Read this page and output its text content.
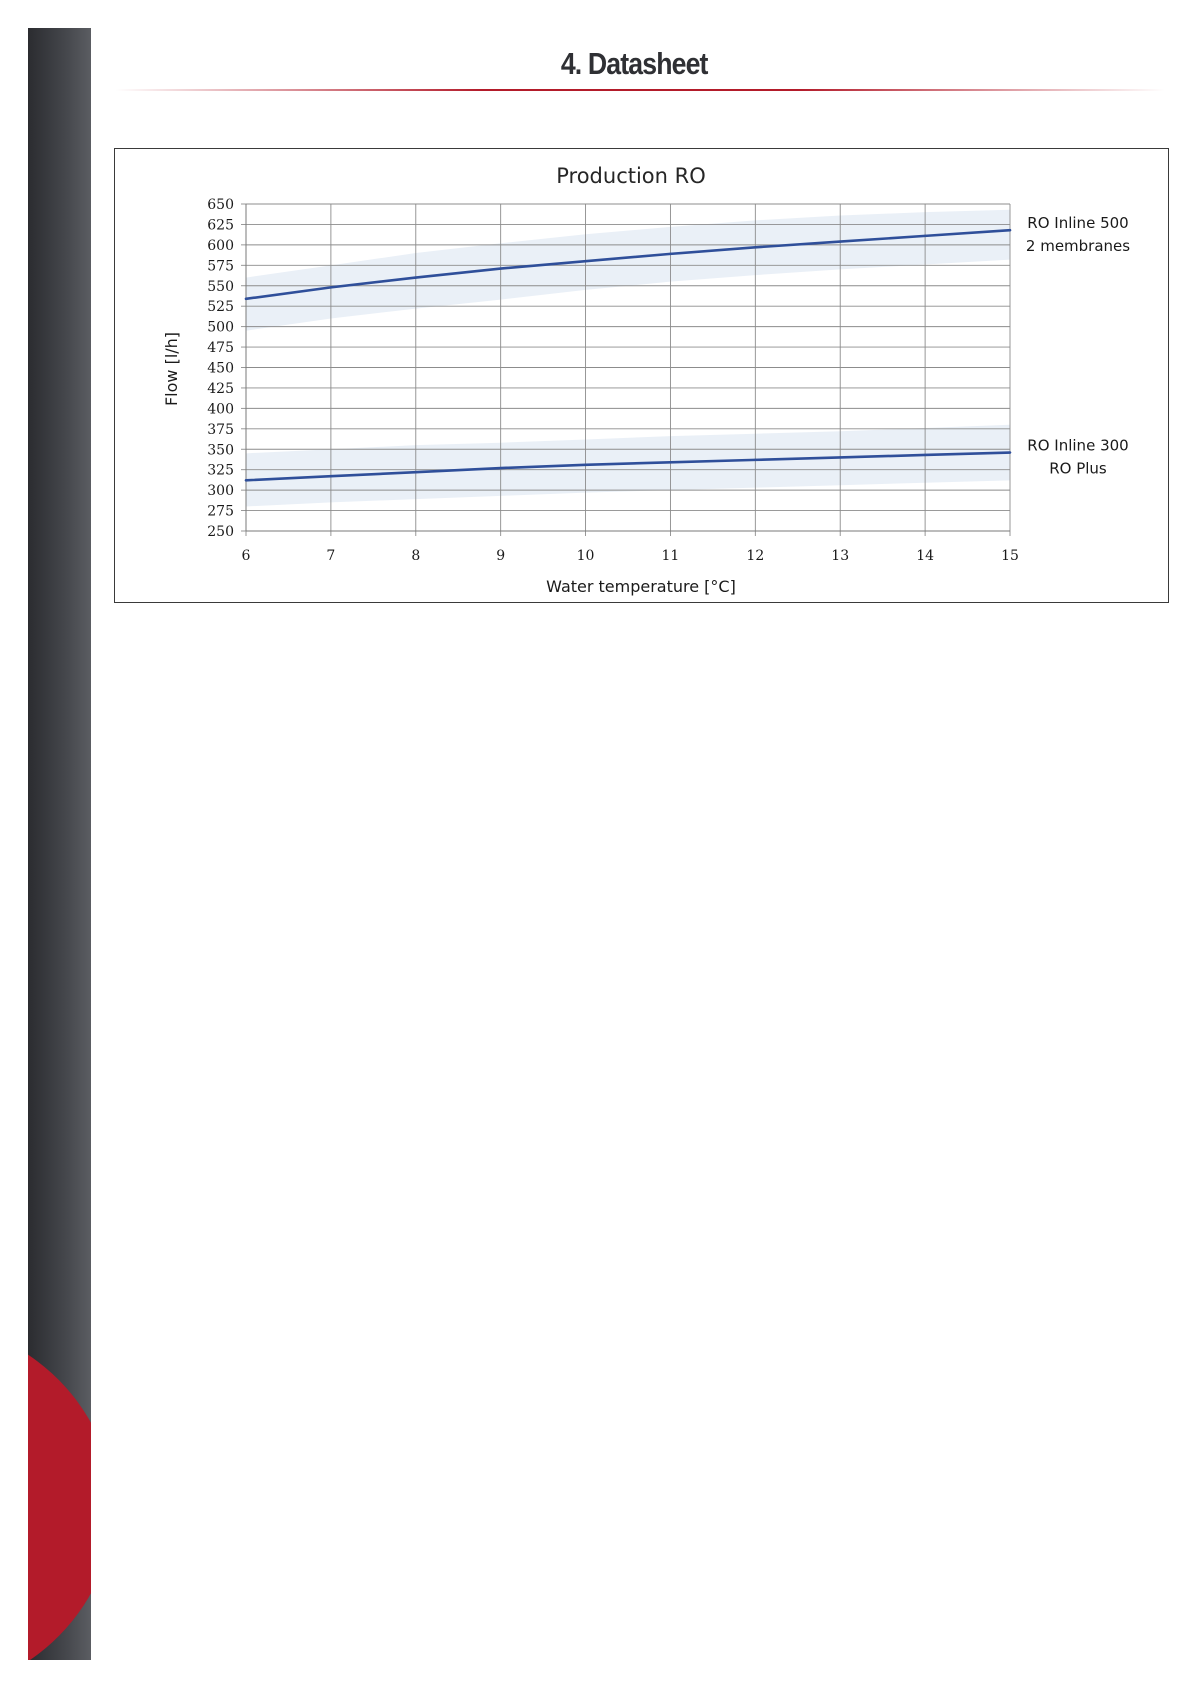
4. Datasheet
250
275
300
325
350
375
400
425
450
475
500
525
550
575
600
625
650
6	7	8	9	10	11	12	13	14	15
RO Inline 500
2 membranes
RO Inline 300
RO Plus
Production RO
Water temperature [°C]
Flow [l/h]
